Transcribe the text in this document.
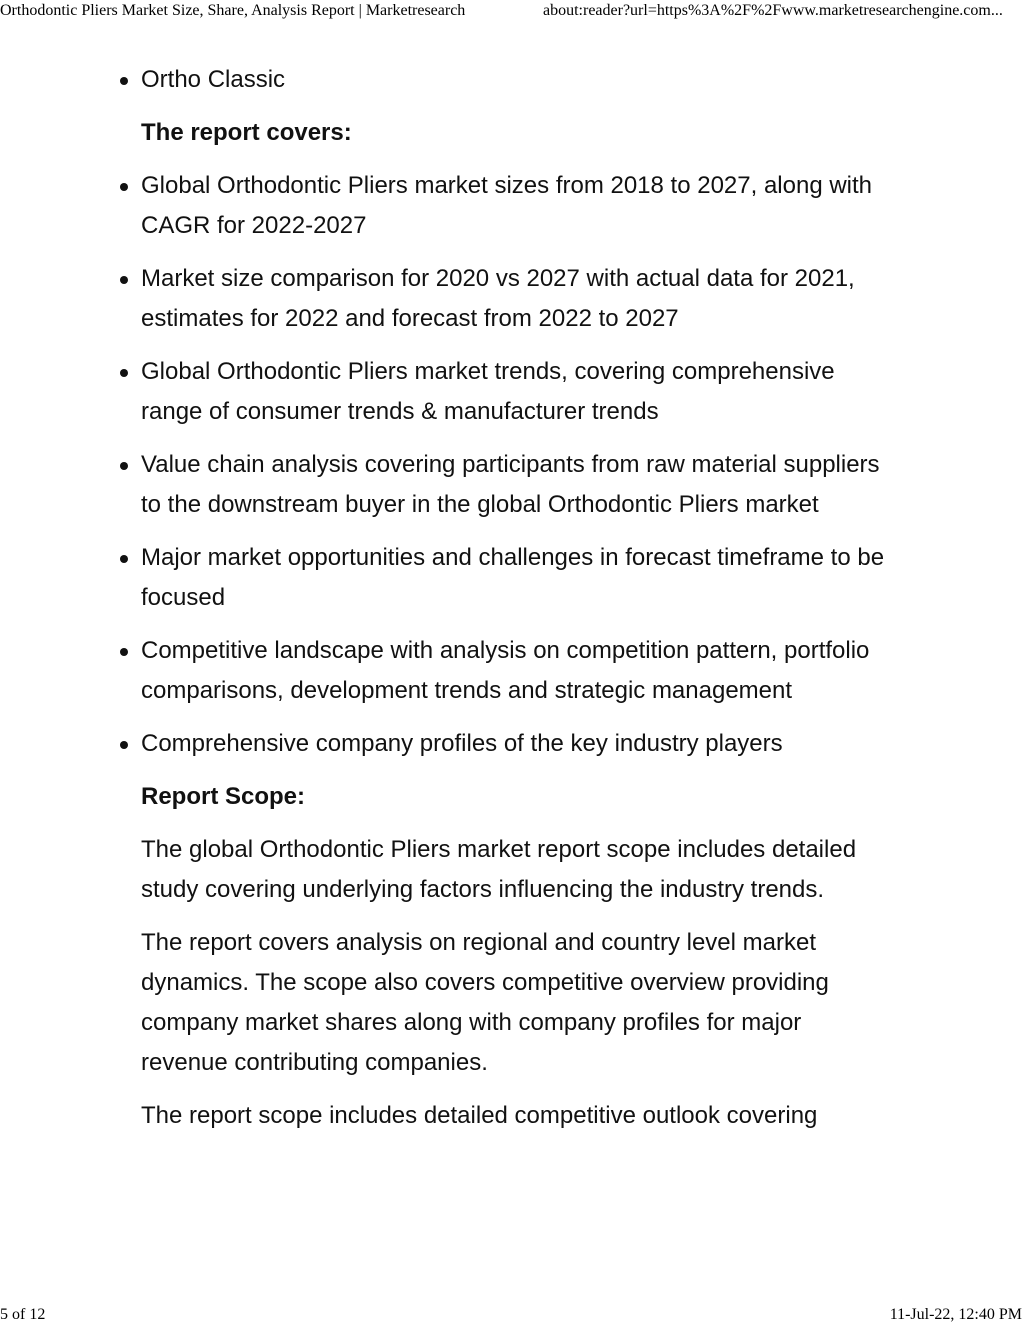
Orthodontic Pliers Market Size, Share, Analysis Report | Marketresearch	about:reader?url=https%3A%2F%2Fwww.marketresearchengine.com...
Ortho Classic

The report covers:

Global Orthodontic Pliers market sizes from 2018 to 2027, along with CAGR for 2022-2027
Market size comparison for 2020 vs 2027 with actual data for 2021, estimates for 2022 and forecast from 2022 to 2027
Global Orthodontic Pliers market trends, covering comprehensive range of consumer trends & manufacturer trends
Value chain analysis covering participants from raw material suppliers to the downstream buyer in the global Orthodontic Pliers market
Major market opportunities and challenges in forecast timeframe to be focused
Competitive landscape with analysis on competition pattern, portfolio comparisons, development trends and strategic management
Comprehensive company profiles of the key industry players

Report Scope:

The global Orthodontic Pliers market report scope includes detailed study covering underlying factors influencing the industry trends.

The report covers analysis on regional and country level market dynamics. The scope also covers competitive overview providing company market shares along with company profiles for major revenue contributing companies.

The report scope includes detailed competitive outlook covering

5 of 12	11-Jul-22, 12:40 PM
